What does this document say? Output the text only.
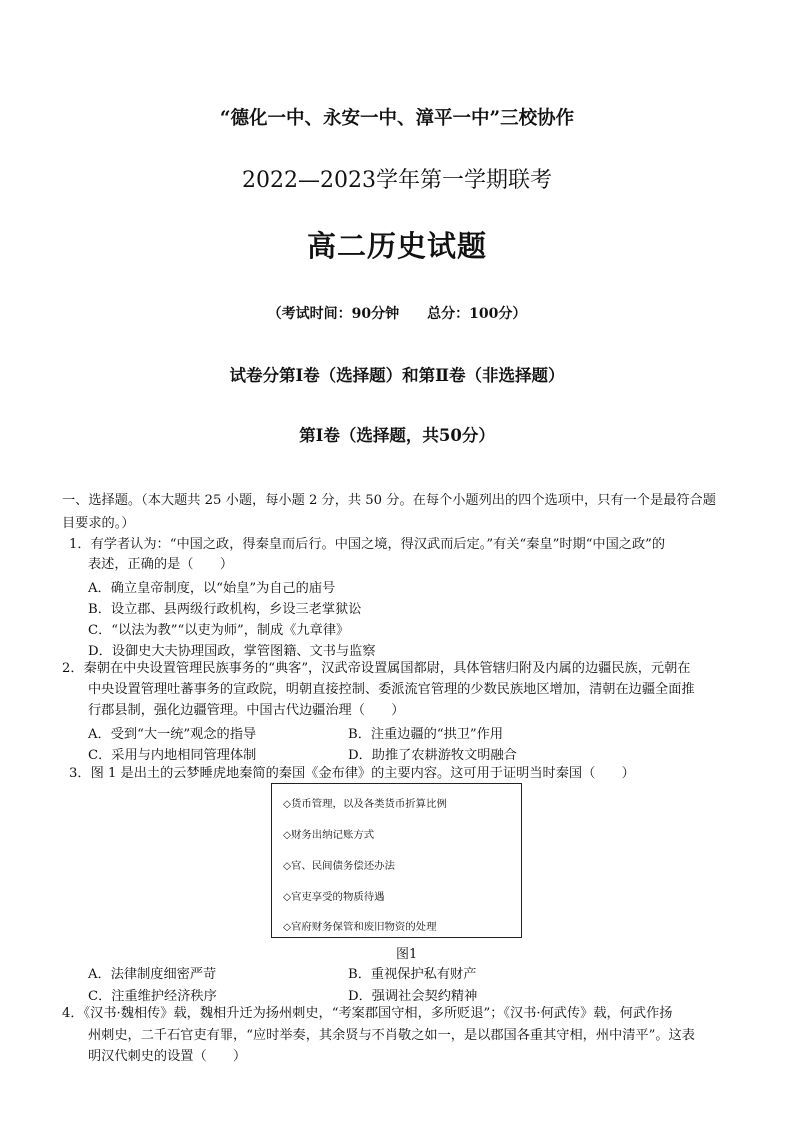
“德化一中、永安一中、漳平一中”三校协作
2022—2023学年第一学期联考
高二历史试题
（考试时间：90分钟 总分：100分）
试卷分第Ⅰ卷（选择题）和第Ⅱ卷（非选择题）
第Ⅰ卷（选择题，共50分）
一、选择题。（本大题共 25 小题，每小题 2 分，共 50 分。在每个小题列出的四个选项中，只有一个是最符合题
目要求的。）
1．有学者认为：“中国之政，得秦皇而后行。中国之境，得汉武而后定。”有关“秦皇”时期“中国之政”的
表述，正确的是（　　）
A．确立皇帝制度，以“始皇”为自己的庙号
B．设立郡、县两级行政机构，乡设三老掌狱讼
C．“以法为教”“以吏为师”，制成《九章律》
D．设御史大夫协理国政，掌管图籍、文书与监察
2．秦朝在中央设置管理民族事务的“典客”，汉武帝设置属国都尉，具体管辖归附及内属的边疆民族，元朝在
中央设置管理吐蕃事务的宣政院，明朝直接控制、委派流官管理的少数民族地区增加，清朝在边疆全面推
行郡县制，强化边疆管理。中国古代边疆治理（　　）
A．受到“大一统”观念的指导	B．注重边疆的“拱卫”作用
C．采用与内地相同管理体制	D．助推了农耕游牧文明融合
3．图 1 是出土的云梦睡虎地秦简的秦国《金布律》的主要内容。这可用于证明当时秦国（　　）
◇货币管理，以及各类货币折算比例
◇财务出纳记账方式
◇官、民间债务偿还办法
◇官吏享受的物质待遇
◇官府财务保管和废旧物资的处理
图1
A．法律制度细密严苛	B．重视保护私有财产
C．注重维护经济秩序	D．强调社会契约精神
4．《汉书·魏相传》载，魏相升迁为扬州刺史，“考案郡国守相，多所贬退”；《汉书·何武传》载，何武作扬
州刺史，二千石官吏有罪，“应时举奏，其余贤与不肖敬之如一，是以郡国各重其守相，州中清平”。这表
明汉代刺史的设置（　　）
